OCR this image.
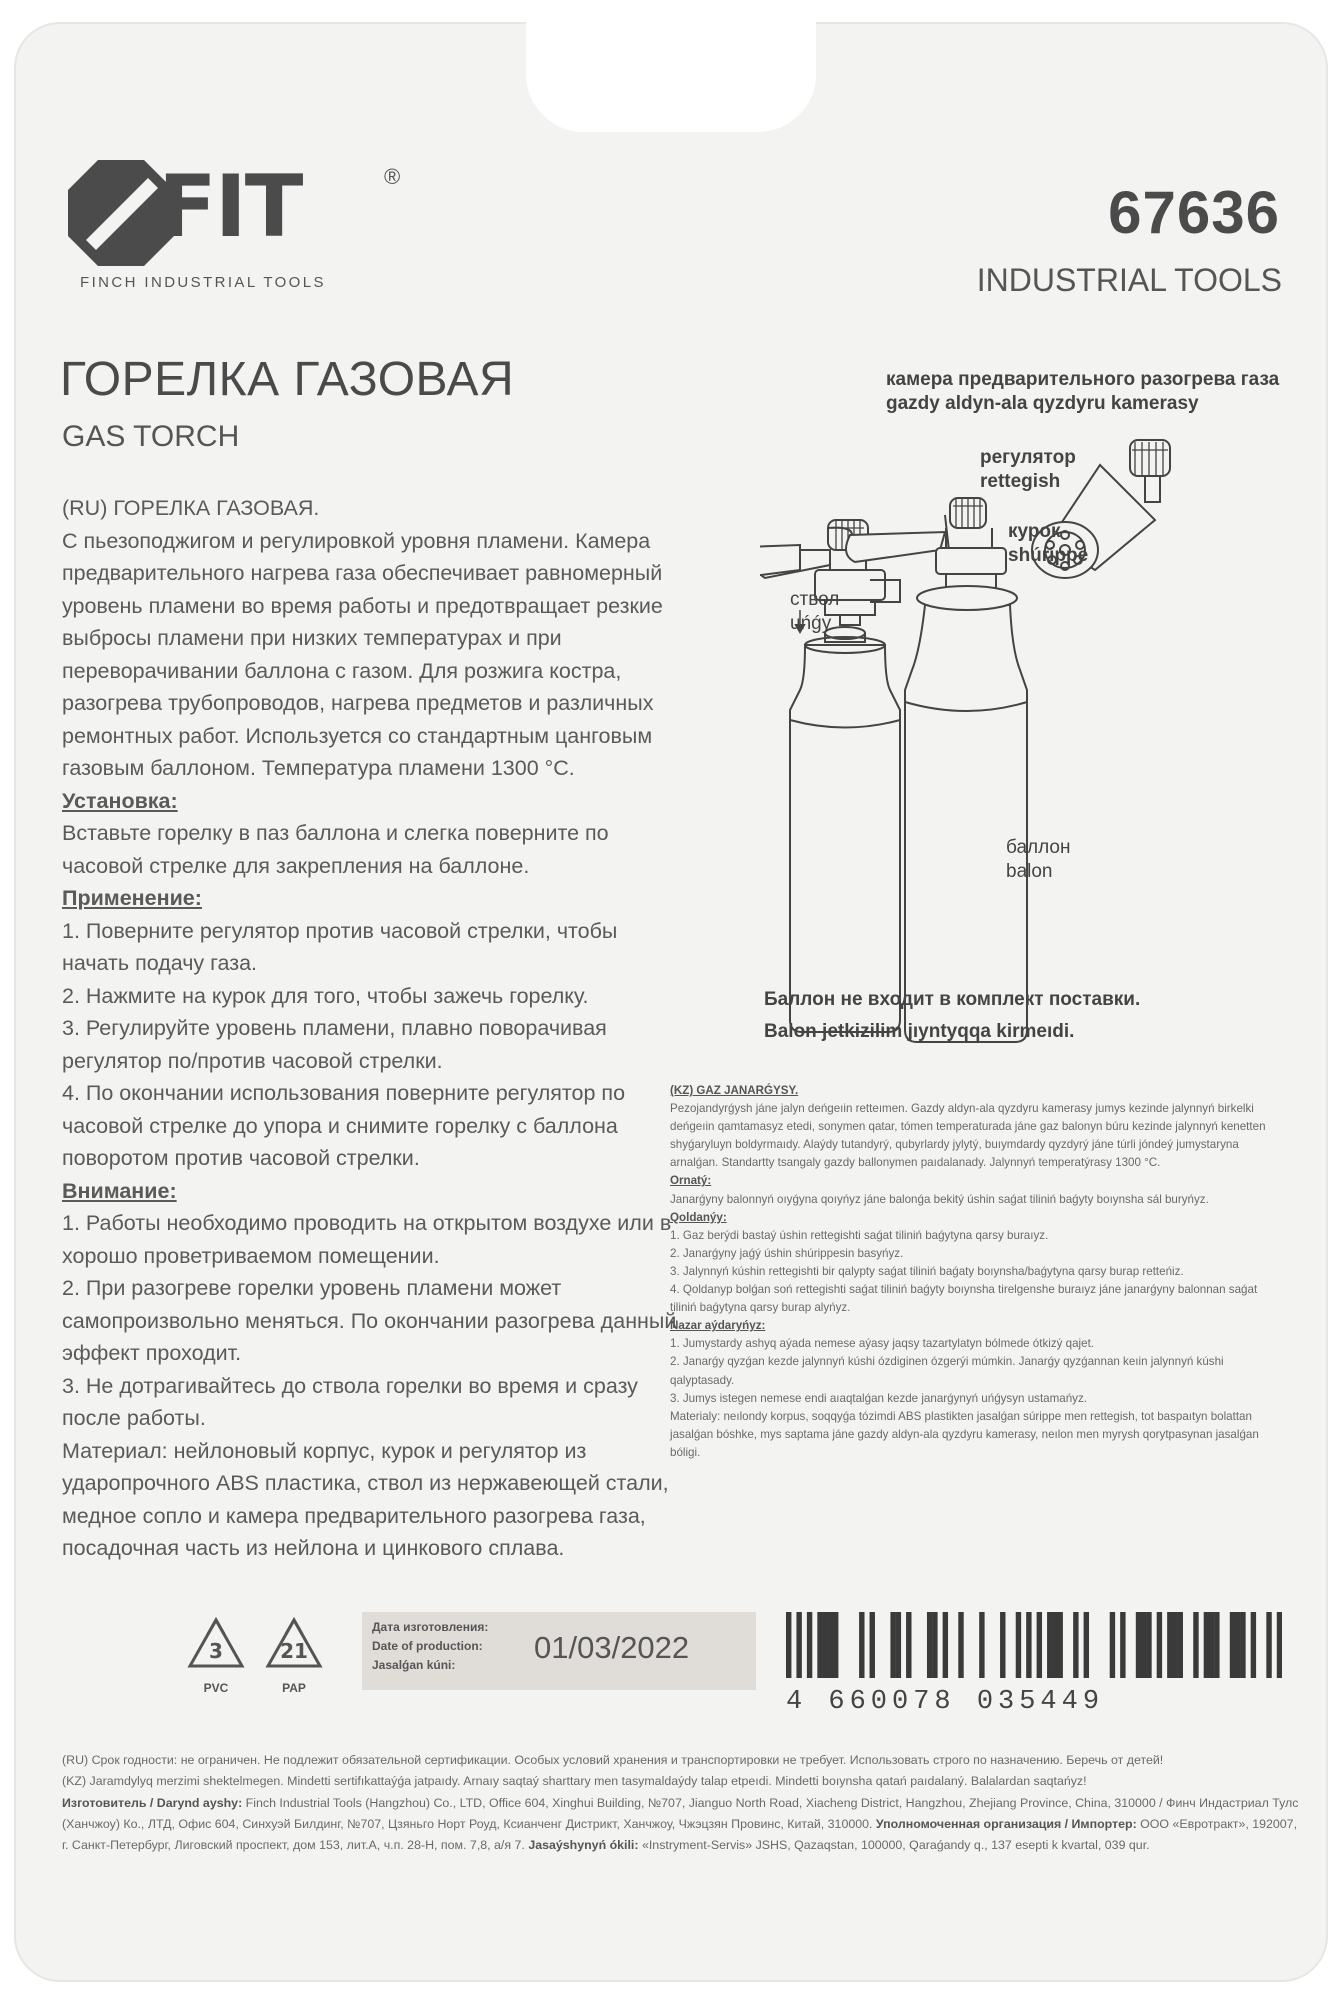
FIT	®
FINCH INDUSTRIAL TOOLS
67636
INDUSTRIAL TOOLS
ГОРЕЛКА ГАЗОВАЯ
GAS TORCH

(RU) ГОРЕЛКА ГАЗОВАЯ.

С пьезоподжигом и регулировкой уровня пламени. Камера предварительного нагрева газа обеспечивает равномерный уровень пламени во время работы и предотвращает резкие выбросы пламени при низких температурах и при переворачивании баллона с газом. Для розжига костра, разогрева трубопроводов, нагрева предметов и различных ремонтных работ. Используется со стандартным цанговым газовым баллоном. Температура пламени 1300 °С.

Установка:

Вставьте горелку в паз баллона и слегка поверните по часовой стрелке для закрепления на баллоне.

Применение:

1. Поверните регулятор против часовой стрелки, чтобы начать подачу газа.

2. Нажмите на курок для того, чтобы зажечь горелку.

3. Регулируйте уровень пламени, плавно поворачивая регулятор по/против часовой стрелки.

4. По окончании использования поверните регулятор по часовой стрелке до упора и снимите горелку с баллона поворотом против часовой стрелки.

Внимание:

1. Работы необходимо проводить на открытом воздухе или в хорошо проветриваемом помещении.

2. При разогреве горелки уровень пламени может самопроизвольно меняться. По окончании разогрева данный эффект проходит.

3. Не дотрагивайтесь до ствола горелки во время и сразу после работы.

Материал: нейлоновый корпус, курок и регулятор из ударопрочного ABS пластика, ствол из нержавеющей стали, медное сопло и камера предварительного разогрева газа, посадочная часть из нейлона и цинкового сплава.

камера предварительного разогрева газа
gazdy aldyn-ala qyzdyru kamerasy
регулятор
rettegish
курок
shúrippe
ствол
uńǵy
баллон
balon
Баллон не входит в комплект поставки.
Balon jetkizilim jıyntyqqa kirmeıdi.

(KZ) GAZ JANARǴYSY.

Pezojandyrǵysh jáne jalyn deńgeıin retteımen. Gazdy aldyn-ala qyzdyru kamerasy jumys kezinde jalynnyń birkelki deńgeıin qamtamasyz etedi, sonymen qatar, tómen temperaturada jáne gaz balonyn búru kezinde jalynnyń kenetten shyǵaryluyn boldyrmaıdy. Alaýdy tutandyrý, qubyrlardy jylytý, buıymdardy qyzdyrý jáne túrli jóndeý jumystaryna arnalǵan. Standartty tsangaly gazdy ballonymen paıdalanady. Jalynnyń temperatýrasy 1300 °C.

Ornatý:

Janarǵyny balonnyń oıyǵyna qoıyńyz jáne balonǵa bekitý úshin saǵat tiliniń baǵyty boıynsha sál buryńyz.

Qoldanýy:

1. Gaz berýdi bastaý úshin rettegishti saǵat tiliniń baǵytyna qarsy buraıyz.

2. Janarǵyny jaǵý úshin shúrippesin basyńyz.

3. Jalynnyń kúshin rettegishti bir qalypty saǵat tiliniń baǵaty boıynsha/baǵytyna qarsy burap retteńiz.

4. Qoldanyp bolǵan soń rettegishti saǵat tiliniń baǵyty boıynsha tirelgenshe buraıyz jáne janarǵyny balonnan saǵat tiliniń baǵytyna qarsy burap alyńyz.

Nazar aýdaryńyz:

1. Jumystardy ashyq aýada nemese aýasy jaqsy tazartylatyn bólmede ótkizý qajet.

2. Janarǵy qyzǵan kezde jalynnyń kúshi ózdiginen ózgerýi múmkin. Janarǵy qyzǵannan keıin jalynnyń kúshi qalyptasady.

3. Jumys istegen nemese endi aıaqtalǵan kezde janarǵynyń uńǵysyn ustamańyz.

Materialy: neılondy korpus, soqqyǵa tózimdi ABS plastikten jasalǵan súrippe men rettegish, tot baspaıtyn bolattan jasalǵan bóshke, mys saptama jáne gazdy aldyn-ala qyzdyru kamerasy, neılon men myrysh qorytpasynan jasalǵan bóligi.

3
PVC
21
PAP
Дата изготовления:
Date of production:
Jasalǵan kúni:	01/03/2022
4 660078 035449

(RU) Срок годности: не ограничен. Не подлежит обязательной сертификации. Особых условий хранения и транспортировки не требует. Использовать строго по назначению. Беречь от детей!

(KZ) Jaramdylyq merzimi shektelmegen. Mindetti sertifıkattaýǵa jatpaıdy. Arnaıy saqtaý sharttary men tasymaldaýdy talap etpeıdi. Mindetti boıynsha qatań paıdalaný. Balalardan saqtańyz!

Изготовитель / Darynd ayshy: Finch Industrial Tools (Hangzhou) Co., LTD, Office 604, Xinghui Building, №707, Jianguo North Road, Xiacheng District, Hangzhou, Zhejiang Province, China, 310000 / Финч Индастриал Тулс (Ханчжоу) Ко., ЛТД, Офис 604, Синхуэй Билдинг, №707, Цзяньго Норт Роуд, Ксианченг Дистрикт, Ханчжоу, Чжэцзян Провинс, Китай, 310000. Уполномоченная организация / Импортер: ООО «Евротракт», 192007, г. Санкт-Петербург, Лиговский проспект, дом 153, лит.А, ч.п. 28-Н, пом. 7,8, а/я 7. Jasaýshynyń ókili: «Instryment-Servis» JSHS, Qazaqstan, 100000, Qaraǵandy q., 137 esepti k kvartal, 039 qur.
